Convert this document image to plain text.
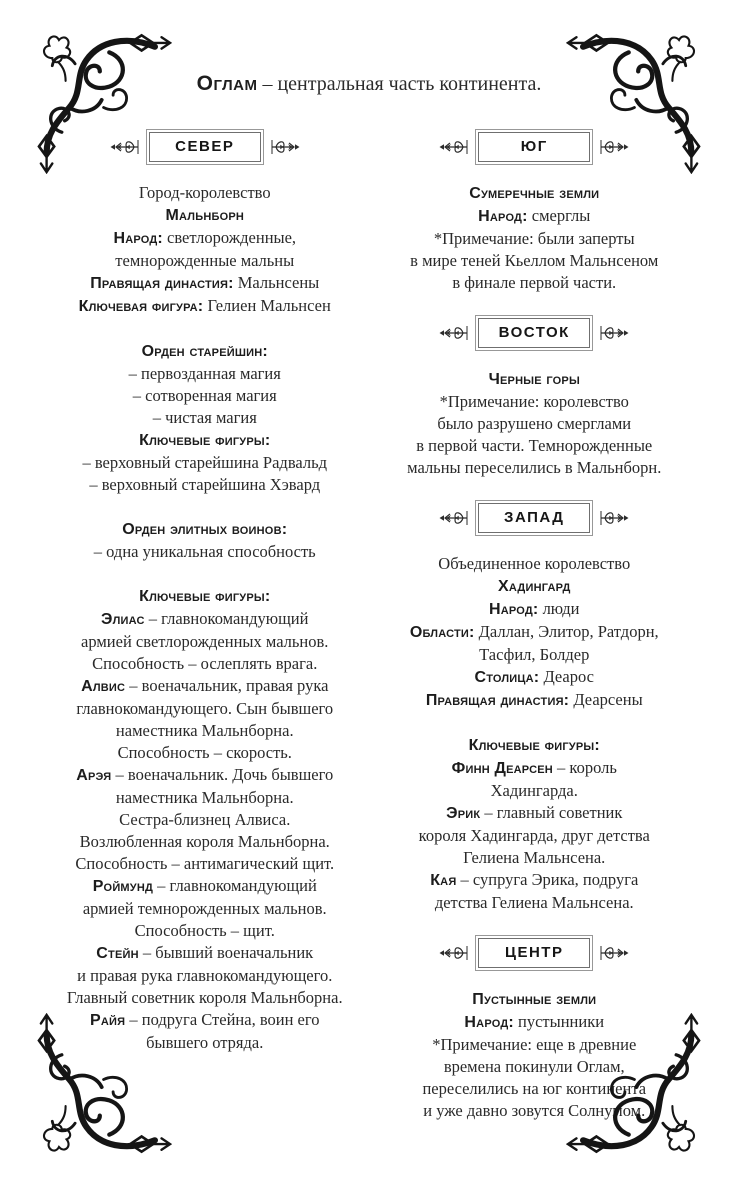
Оглам – центральная часть континента.
СЕВЕР

Город-королевство

Мальнборн

Народ: светлорожденные,

темнорожденные мальны

Правящая династия: Мальнсены

Ключевая фигура: Гелиен Мальнсен

Орден старейшин:

– первозданная магия

– сотворенная магия

– чистая магия

Ключевые фигуры:

– верховный старейшина Радвальд

– верховный старейшина Хэвард

Орден элитных воинов:

– одна уникальная способность

Ключевые фигуры:

Элиас – главнокомандующий

армией светлорожденных мальнов.

Способность – ослеплять врага.

Алвис – военачальник, правая рука

главнокомандующего. Сын бывшего

наместника Мальнборна.

Способность – скорость.

Арэя – военачальник. Дочь бывшего

наместника Мальнборна.

Сестра-близнец Алвиса.

Возлюбленная короля Мальнборна.

Способность – антимагический щит.

Роймунд – главнокомандующий

армией темнорожденных мальнов.

Способность – щит.

Стейн – бывший военачальник

и правая рука главнокомандующего.

Главный советник короля Мальнборна.

Райя – подруга Стейна, воин его

бывшего отряда.

ЮГ

Сумеречные земли

Народ: смерглы

*Примечание: были заперты

в мире теней Кьеллом Мальнсеном

в финале первой части.

ВОСТОК

Черные горы

*Примечание: королевство

было разрушено смерглами

в первой части. Темнорожденные

мальны переселились в Мальнборн.

ЗАПАД

Объединенное королевство

Хадингард

Народ: люди

Области: Даллан, Элитор, Ратдорн,

Тасфил, Болдер

Столица: Деарос

Правящая династия: Деарсены

Ключевые фигуры:

Финн Деарсен – король

Хадингарда.

Эрик – главный советник

короля Хадингарда, друг детства

Гелиена Мальнсена.

Кая – супруга Эрика, подруга

детства Гелиена Мальнсена.

ЦЕНТР

Пустынные земли

Народ: пустынники

*Примечание: еще в древние

времена покинули Оглам,

переселились на юг континента

и уже давно зовутся Солнумом.
